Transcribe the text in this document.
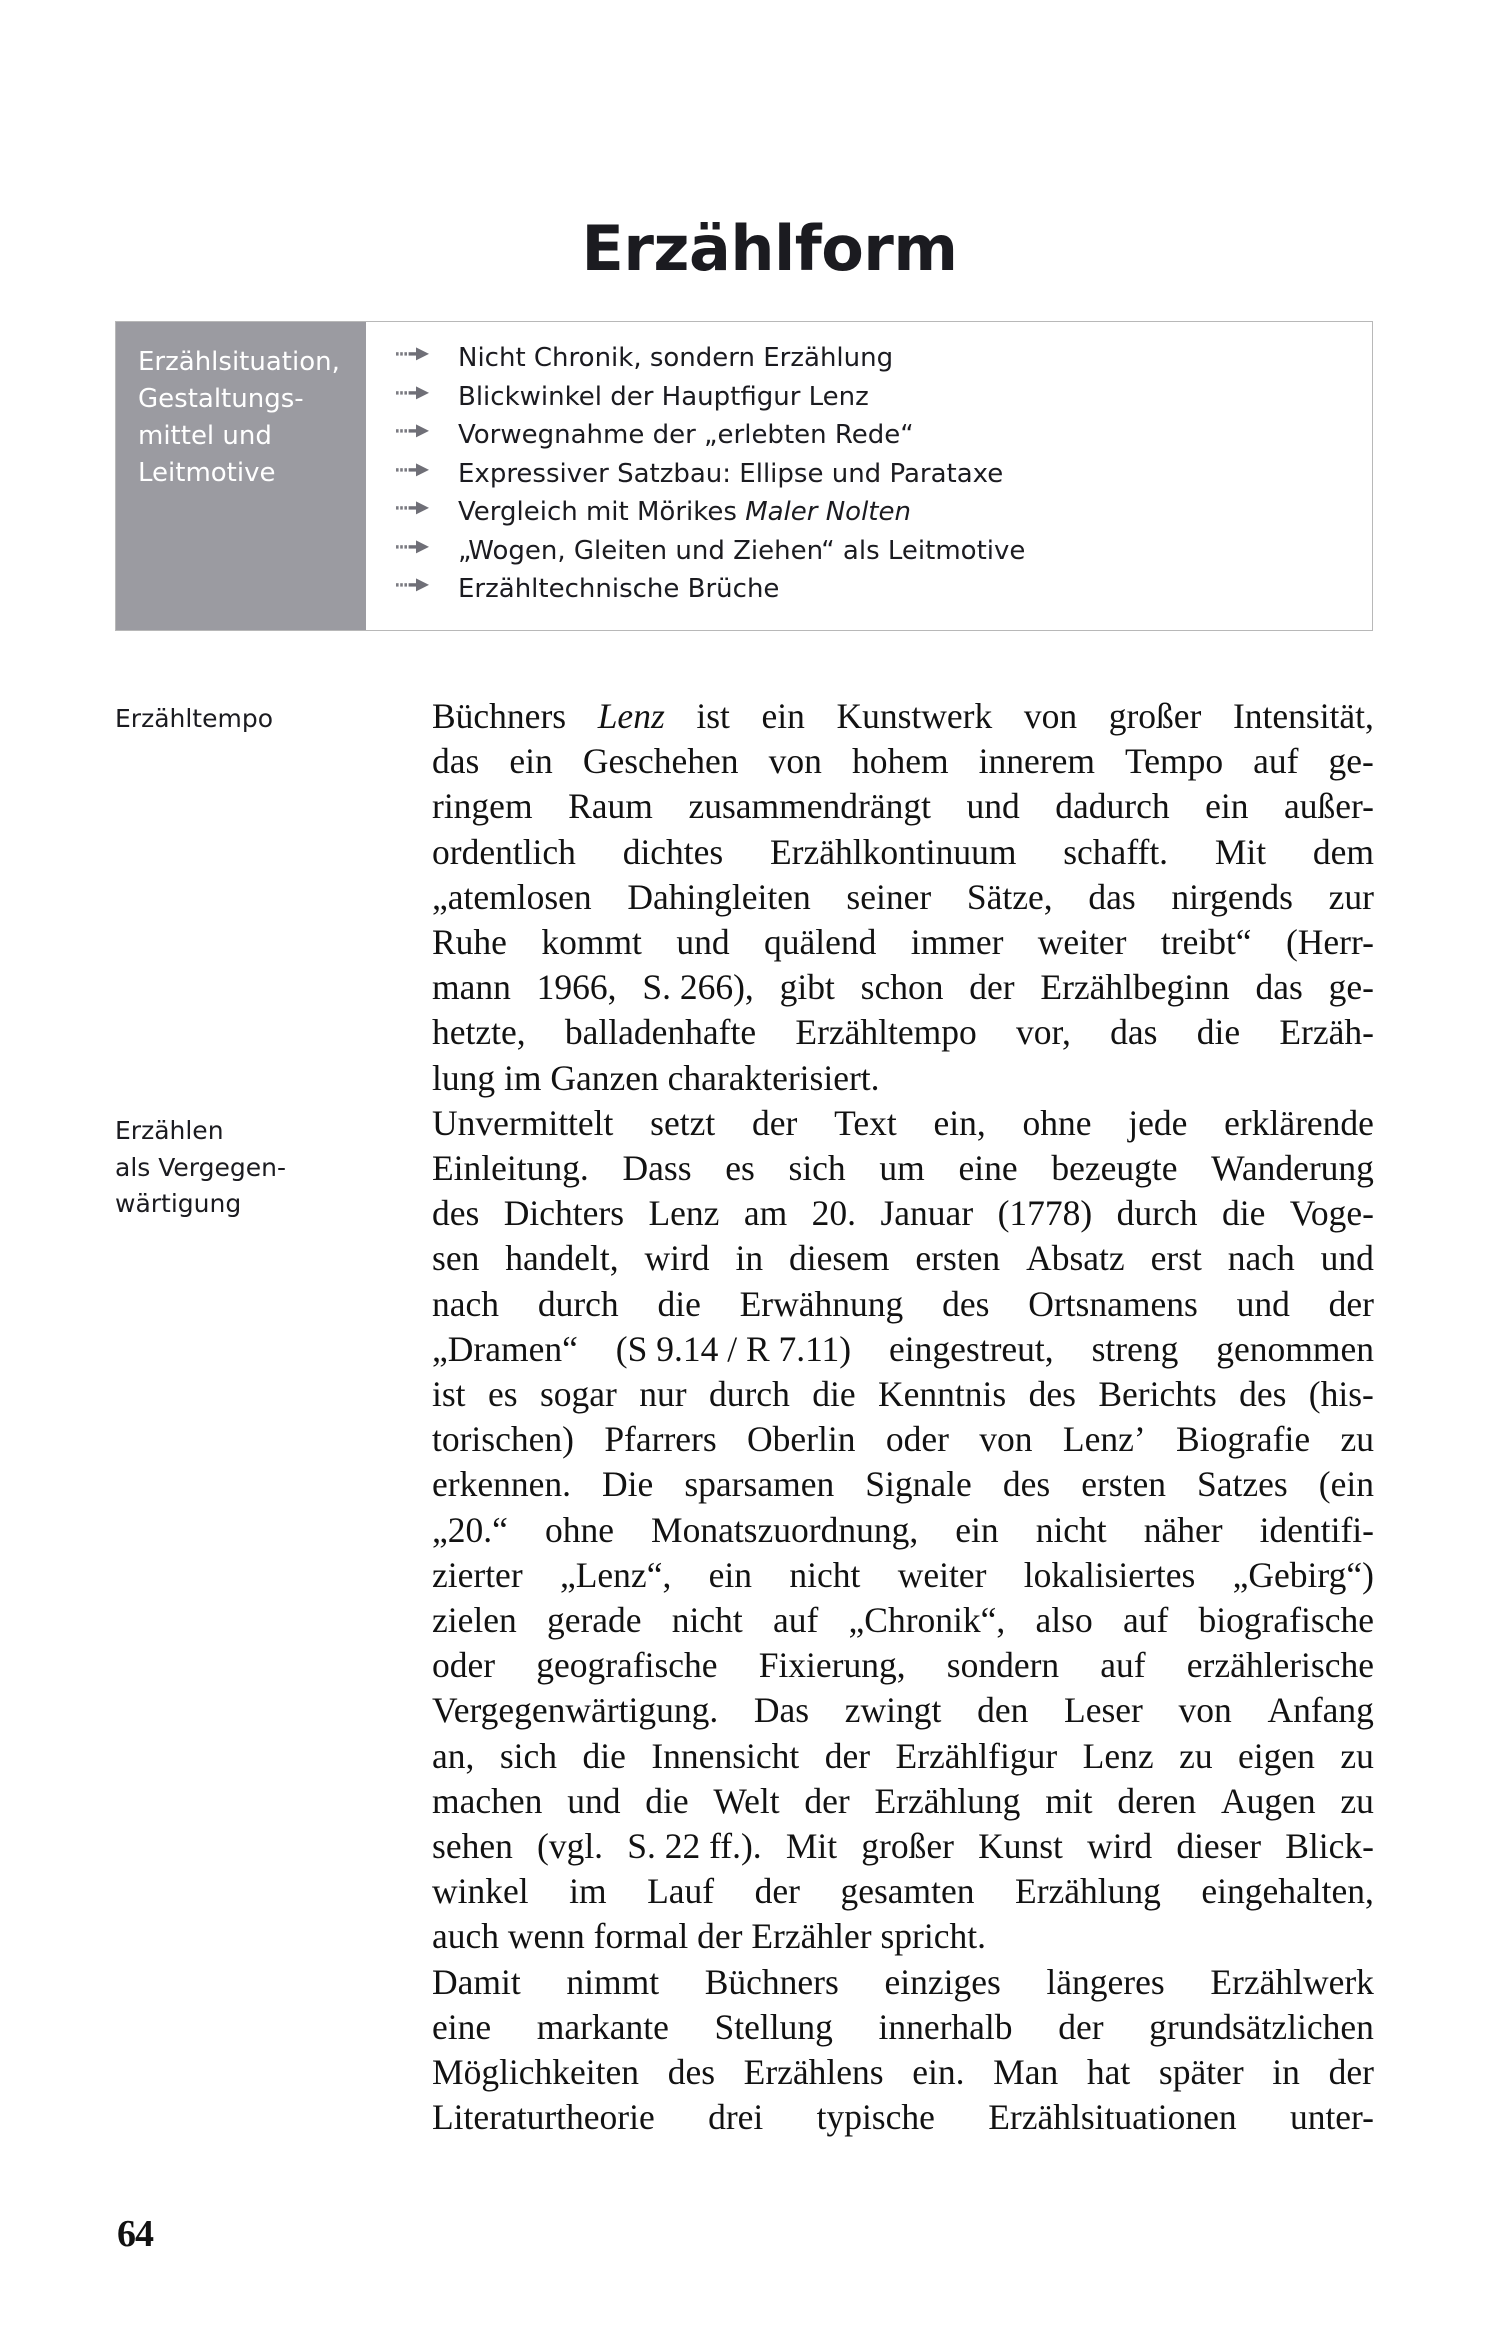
Erzählform
Erzählsituation,
Gestaltungs-
mittel und
Leitmotive
Nicht Chronik, sondern Erzählung
Blickwinkel der Hauptfigur Lenz
Vorwegnahme der „erlebten Rede“
Expressiver Satzbau: Ellipse und Parataxe
Vergleich mit Mörikes Maler Nolten
„Wogen, Gleiten und Ziehen“ als Leitmotive
Erzähltechnische Brüche
Erzähltempo
Erzählen
als Vergegen-
wärtigung

Büchners Lenz ist ein Kunstwerk von großer Intensität,
das ein Geschehen von hohem innerem Tempo auf ge-
ringem Raum zusammendrängt und dadurch ein außer-
ordentlich dichtes Erzählkontinuum schafft. Mit dem
„atemlosen Dahingleiten seiner Sätze, das nirgends zur
Ruhe kommt und quälend immer weiter treibt“ (Herr-
mann 1966, S. 266), gibt schon der Erzählbeginn das ge-
hetzte, balladenhafte Erzähltempo vor, das die Erzäh-
lung im Ganzen charakterisiert.

Unvermittelt setzt der Text ein, ohne jede erklärende
Einleitung. Dass es sich um eine bezeugte Wanderung
des Dichters Lenz am 20. Januar (1778) durch die Voge-
sen handelt, wird in diesem ersten Absatz erst nach und
nach durch die Erwähnung des Ortsnamens und der
„Dramen“ (S 9.14 / R 7.11) eingestreut, streng genommen
ist es sogar nur durch die Kenntnis des Berichts des (his-
torischen) Pfarrers Oberlin oder von Lenz’ Biografie zu
erkennen. Die sparsamen Signale des ersten Satzes (ein
„20.“ ohne Monatszuordnung, ein nicht näher identifi-
zierter „Lenz“, ein nicht weiter lokalisiertes „Gebirg“)
zielen gerade nicht auf „Chronik“, also auf biografische
oder geografische Fixierung, sondern auf erzählerische
Vergegenwärtigung. Das zwingt den Leser von Anfang
an, sich die Innensicht der Erzählfigur Lenz zu eigen zu
machen und die Welt der Erzählung mit deren Augen zu
sehen (vgl. S. 22 ff.). Mit großer Kunst wird dieser Blick-
winkel im Lauf der gesamten Erzählung eingehalten,
auch wenn formal der Erzähler spricht.

Damit nimmt Büchners einziges längeres Erzählwerk
eine markante Stellung innerhalb der grundsätzlichen
Möglichkeiten des Erzählens ein. Man hat später in der
Literaturtheorie drei typische Erzählsituationen unter-

64
